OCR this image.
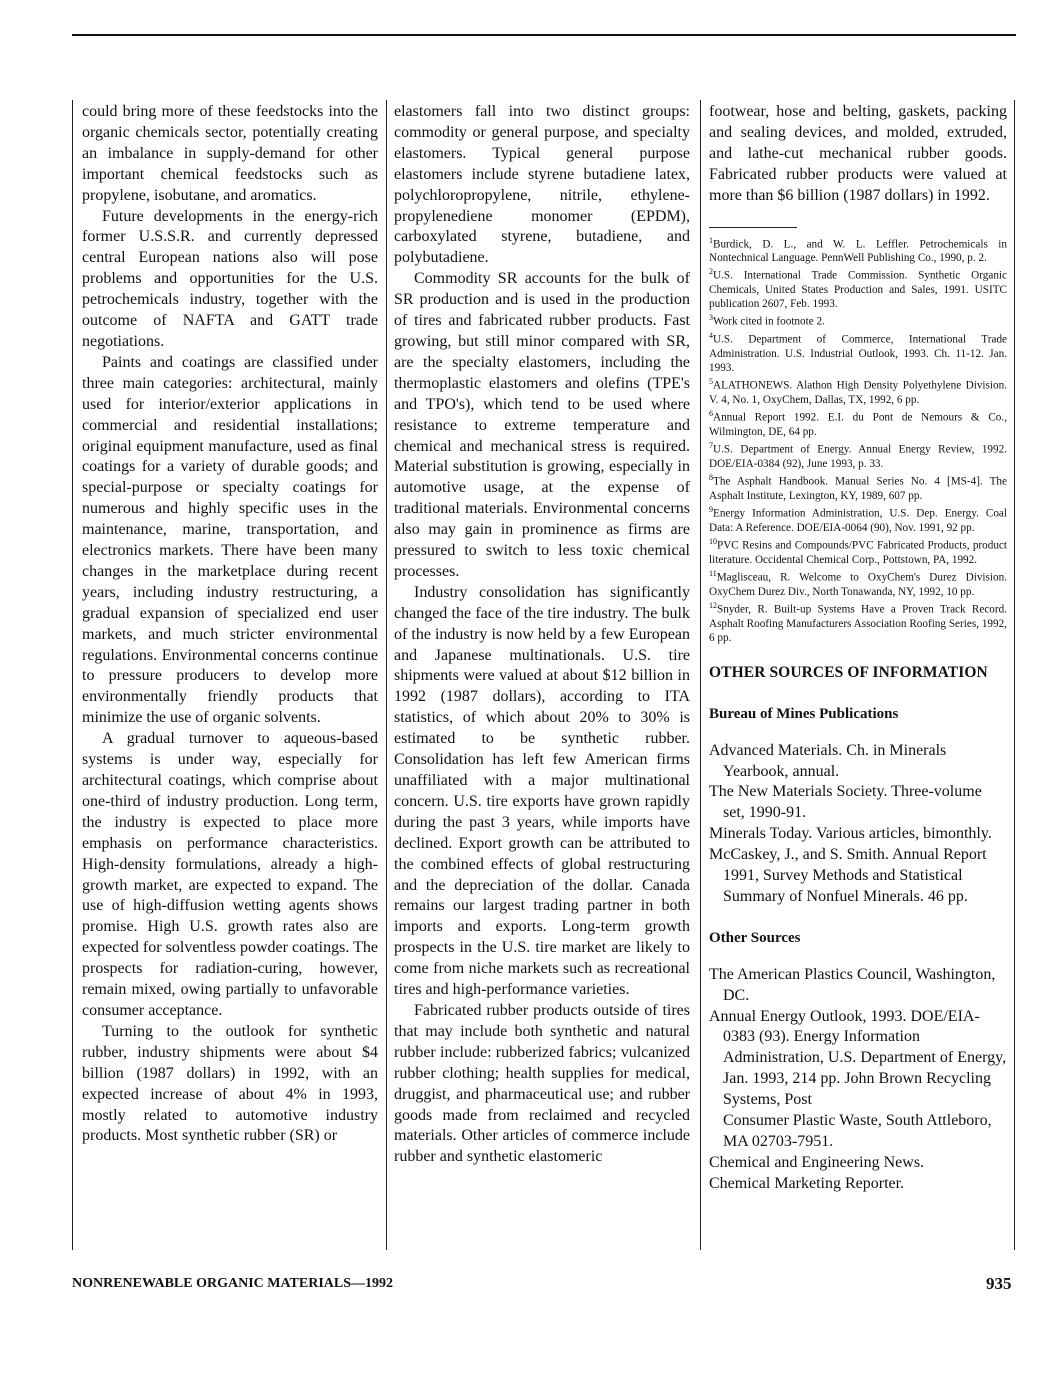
could bring more of these feedstocks into the organic chemicals sector, potentially creating an imbalance in supply-demand for other important chemical feedstocks such as propylene, isobutane, and aromatics.

Future developments in the energy-rich former U.S.S.R. and currently depressed central European nations also will pose problems and opportunities for the U.S. petrochemicals industry, together with the outcome of NAFTA and GATT trade negotiations.

Paints and coatings are classified under three main categories: architectural, mainly used for interior/exterior applications in commercial and residential installations; original equipment manufacture, used as final coatings for a variety of durable goods; and special-purpose or specialty coatings for numerous and highly specific uses in the maintenance, marine, transportation, and electronics markets. There have been many changes in the marketplace during recent years, including industry restructuring, a gradual expansion of specialized end user markets, and much stricter environmental regulations. Environmental concerns continue to pressure producers to develop more environmentally friendly products that minimize the use of organic solvents.

A gradual turnover to aqueous-based systems is under way, especially for architectural coatings, which comprise about one-third of industry production. Long term, the industry is expected to place more emphasis on performance characteristics. High-density formulations, already a high-growth market, are expected to expand. The use of high-diffusion wetting agents shows promise. High U.S. growth rates also are expected for solventless powder coatings. The prospects for radiation-curing, however, remain mixed, owing partially to unfavorable consumer acceptance.

Turning to the outlook for synthetic rubber, industry shipments were about $4 billion (1987 dollars) in 1992, with an expected increase of about 4% in 1993, mostly related to automotive industry products. Most synthetic rubber (SR) or

elastomers fall into two distinct groups: commodity or general purpose, and specialty elastomers. Typical general purpose elastomers include styrene butadiene latex, polychloropropylene, nitrile, ethylene-propylenediene monomer (EPDM), carboxylated styrene, butadiene, and polybutadiene.

Commodity SR accounts for the bulk of SR production and is used in the production of tires and fabricated rubber products. Fast growing, but still minor compared with SR, are the specialty elastomers, including the thermoplastic elastomers and olefins (TPE's and TPO's), which tend to be used where resistance to extreme temperature and chemical and mechanical stress is required. Material substitution is growing, especially in automotive usage, at the expense of traditional materials. Environmental concerns also may gain in prominence as firms are pressured to switch to less toxic chemical processes.

Industry consolidation has significantly changed the face of the tire industry. The bulk of the industry is now held by a few European and Japanese multinationals. U.S. tire shipments were valued at about $12 billion in 1992 (1987 dollars), according to ITA statistics, of which about 20% to 30% is estimated to be synthetic rubber. Consolidation has left few American firms unaffiliated with a major multinational concern. U.S. tire exports have grown rapidly during the past 3 years, while imports have declined. Export growth can be attributed to the combined effects of global restructuring and the depreciation of the dollar. Canada remains our largest trading partner in both imports and exports. Long-term growth prospects in the U.S. tire market are likely to come from niche markets such as recreational tires and high-performance varieties.

Fabricated rubber products outside of tires that may include both synthetic and natural rubber include: rubberized fabrics; vulcanized rubber clothing; health supplies for medical, druggist, and pharmaceutical use; and rubber goods made from reclaimed and recycled materials. Other articles of commerce include rubber and synthetic elastomeric

footwear, hose and belting, gaskets, packing and sealing devices, and molded, extruded, and lathe-cut mechanical rubber goods. Fabricated rubber products were valued at more than $6 billion (1987 dollars) in 1992.

$^1$Burdick, D. L., and W. L. Leffler. Petrochemicals in Nontechnical Language. PennWell Publishing Co., 1990, p. 2.

$^2$U.S. International Trade Commission. Synthetic Organic Chemicals, United States Production and Sales, 1991. USITC publication 2607, Feb. 1993.

$^3$Work cited in footnote 2.

$^4$U.S. Department of Commerce, International Trade Administration. U.S. Industrial Outlook, 1993. Ch. 11-12. Jan. 1993.

$^5$ALATHONEWS. Alathon High Density Polyethylene Division. V. 4, No. 1, OxyChem, Dallas, TX, 1992, 6 pp.

$^6$Annual Report 1992. E.I. du Pont de Nemours & Co., Wilmington, DE, 64 pp.

$^7$U.S. Department of Energy. Annual Energy Review, 1992. DOE/EIA-0384 (92), June 1993, p. 33.

$^8$The Asphalt Handbook. Manual Series No. 4 [MS-4]. The Asphalt Institute, Lexington, KY, 1989, 607 pp.

$^9$Energy Information Administration, U.S. Dep. Energy. Coal Data: A Reference. DOE/EIA-0064 (90), Nov. 1991, 92 pp.

$^{10}$PVC Resins and Compounds/PVC Fabricated Products, product literature. Occidental Chemical Corp., Pottstown, PA, 1992.

$^{11}$Maglisceau, R. Welcome to OxyChem's Durez Division. OxyChem Durez Div., North Tonawanda, NY, 1992, 10 pp.

$^{12}$Snyder, R. Built-up Systems Have a Proven Track Record. Asphalt Roofing Manufacturers Association Roofing Series, 1992, 6 pp.

OTHER SOURCES OF INFORMATION
Bureau of Mines Publications

Advanced Materials. Ch. in Minerals Yearbook, annual.

The New Materials Society. Three-volume set, 1990-91.

Minerals Today. Various articles, bimonthly.

McCaskey, J., and S. Smith. Annual Report 1991, Survey Methods and Statistical Summary of Nonfuel Minerals. 46 pp.

Other Sources

The American Plastics Council, Washington, DC.

Annual Energy Outlook, 1993. DOE/EIA-0383 (93). Energy Information Administration, U.S. Department of Energy, Jan. 1993, 214 pp. John Brown Recycling Systems, Post

Consumer Plastic Waste, South Attleboro, MA 02703-7951.

Chemical and Engineering News.

Chemical Marketing Reporter.

NONRENEWABLE ORGANIC MATERIALS—1992	935
